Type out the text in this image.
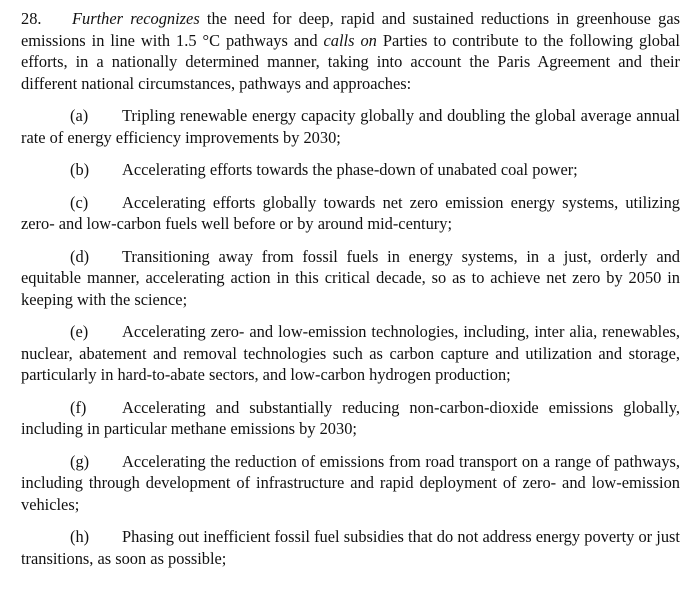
28. Further recognizes the need for deep, rapid and sustained reductions in greenhouse gas emissions in line with 1.5 °C pathways and calls on Parties to contribute to the following global efforts, in a nationally determined manner, taking into account the Paris Agreement and their different national circumstances, pathways and approaches:

(a) Tripling renewable energy capacity globally and doubling the global average annual rate of energy efficiency improvements by 2030;

(b) Accelerating efforts towards the phase-down of unabated coal power;

(c) Accelerating efforts globally towards net zero emission energy systems, utilizing zero- and low-carbon fuels well before or by around mid-century;

(d) Transitioning away from fossil fuels in energy systems, in a just, orderly and equitable manner, accelerating action in this critical decade, so as to achieve net zero by 2050 in keeping with the science;

(e) Accelerating zero- and low-emission technologies, including, inter alia, renewables, nuclear, abatement and removal technologies such as carbon capture and utilization and storage, particularly in hard-to-abate sectors, and low-carbon hydrogen production;

(f) Accelerating and substantially reducing non-carbon-dioxide emissions globally, including in particular methane emissions by 2030;

(g) Accelerating the reduction of emissions from road transport on a range of pathways, including through development of infrastructure and rapid deployment of zero- and low-emission vehicles;

(h) Phasing out inefficient fossil fuel subsidies that do not address energy poverty or just transitions, as soon as possible;
